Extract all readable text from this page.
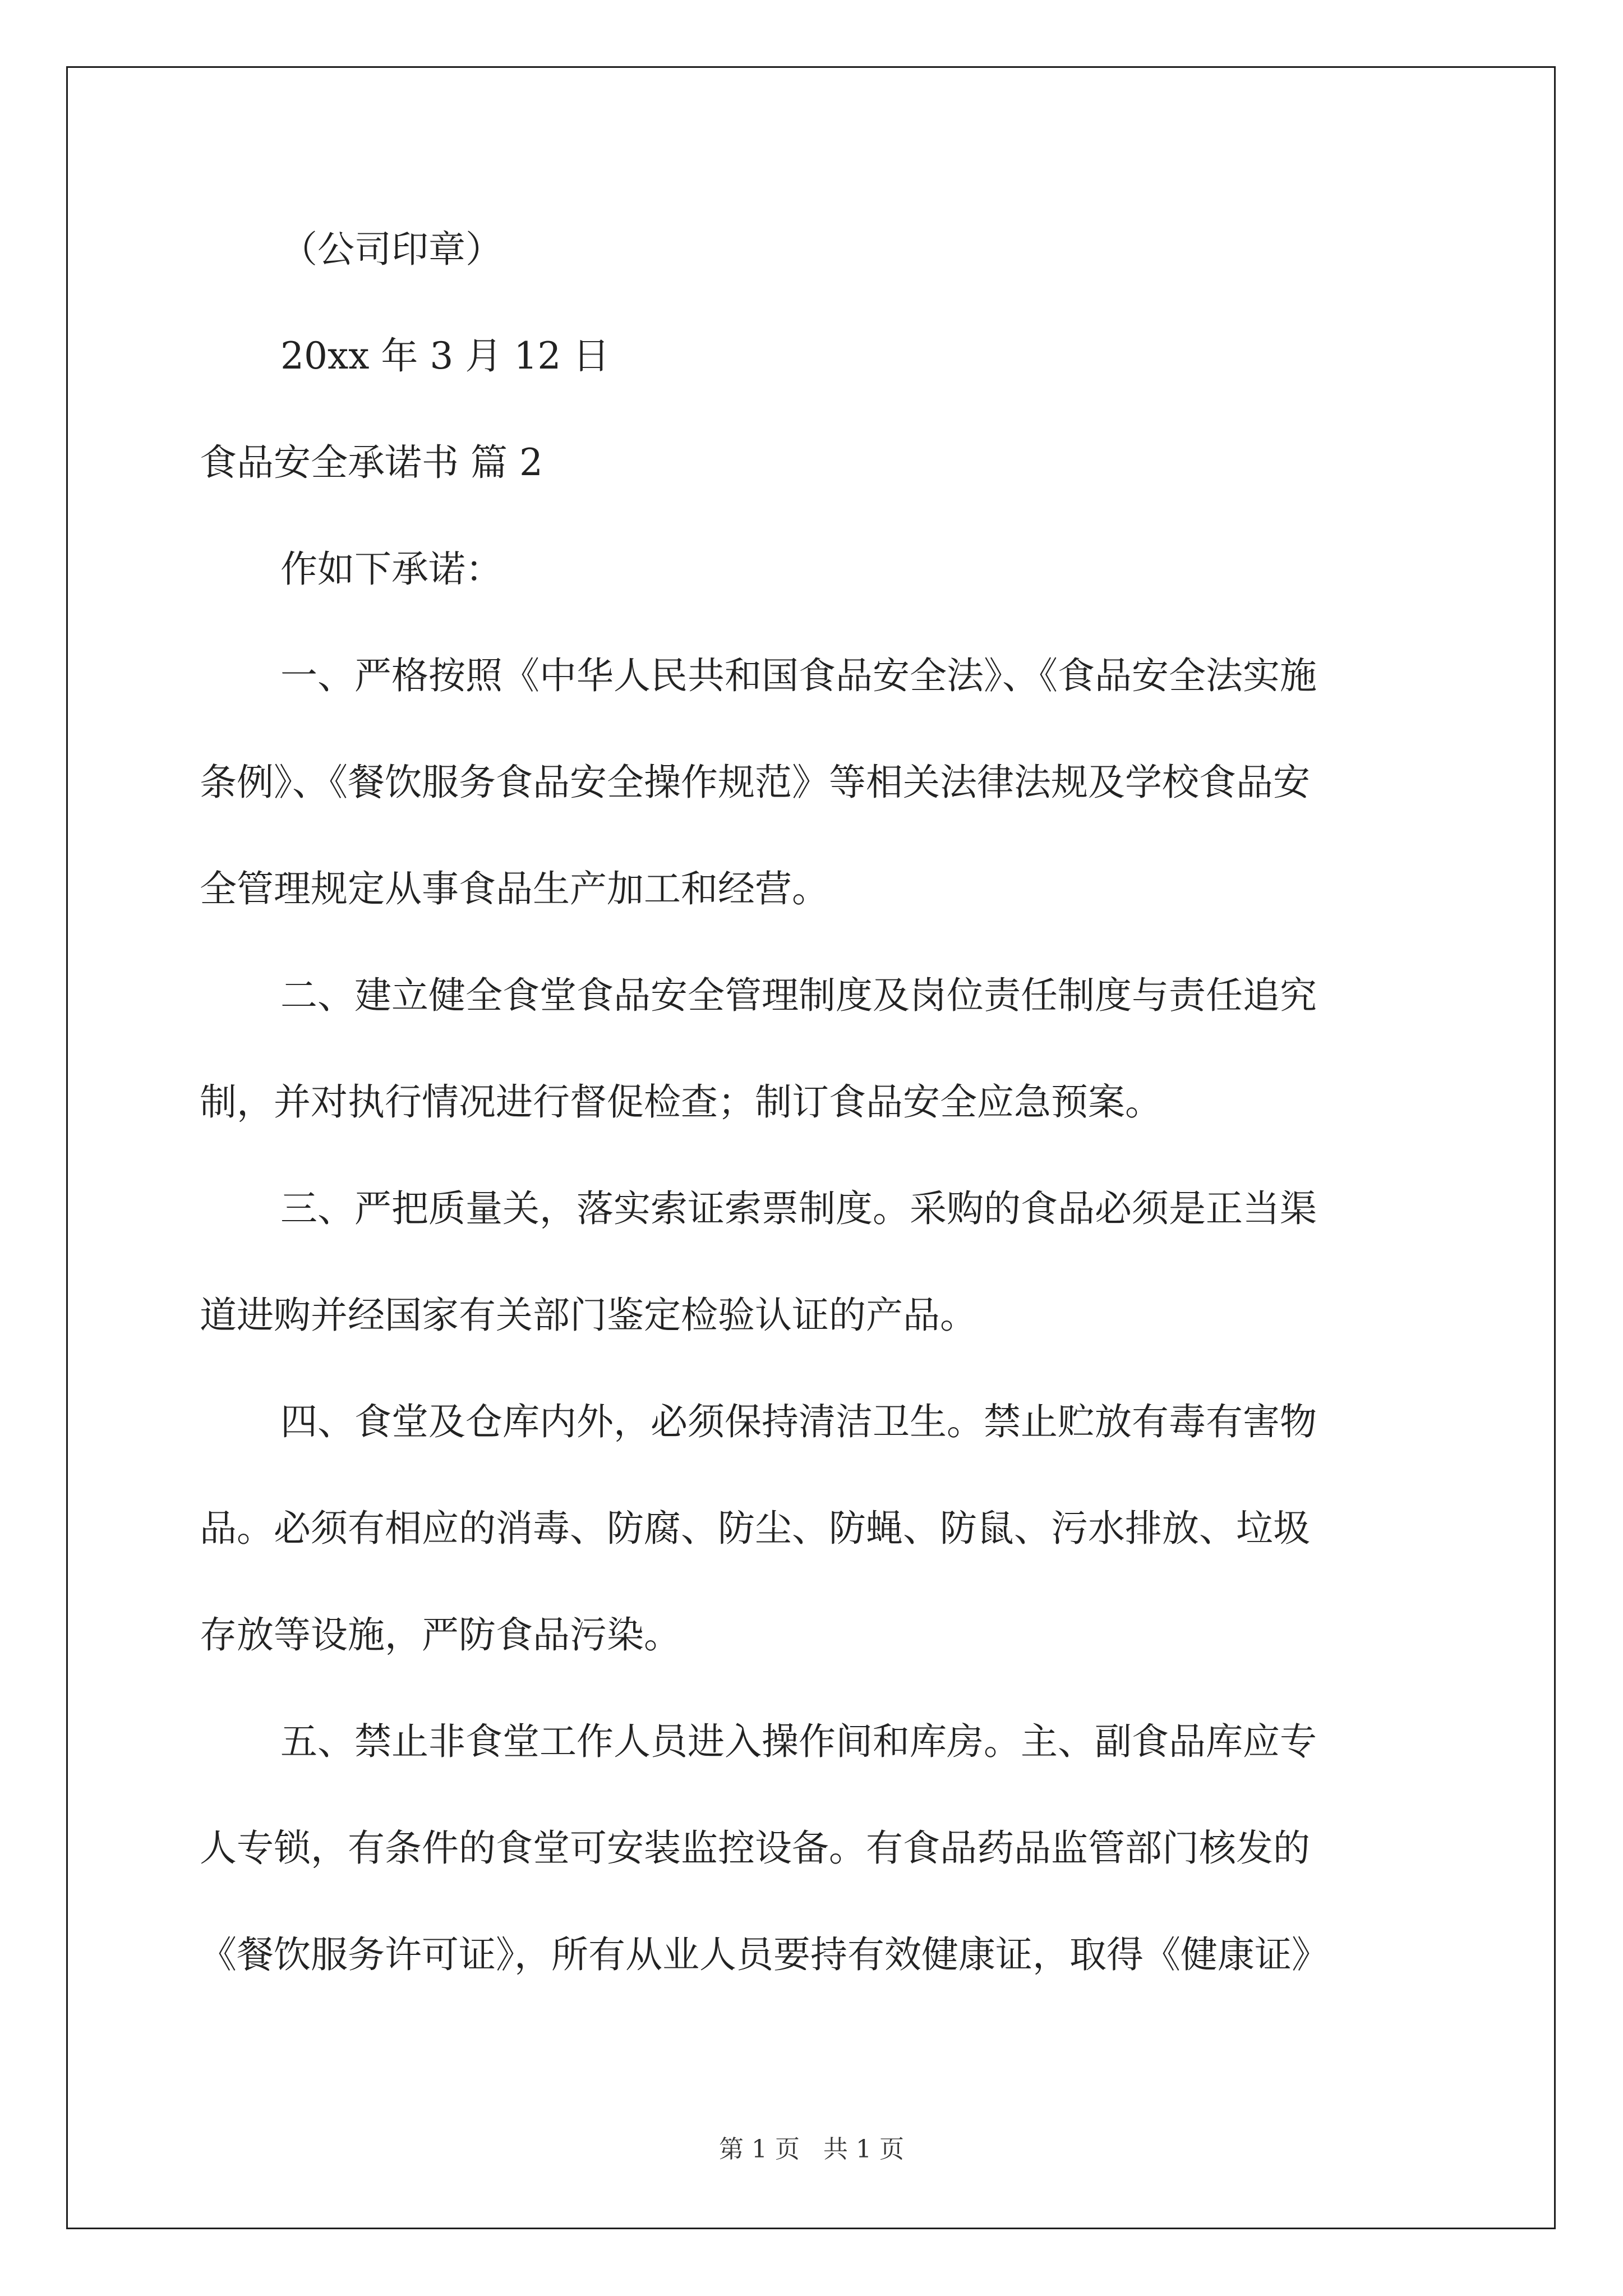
（公司印章）

20xx 年 3 月 12 日

食品安全承诺书 篇 2

作如下承诺：

一、严格按照《中华人民共和国食品安全法》、《食品安全法实施

条例》、《餐饮服务食品安全操作规范》等相关法律法规及学校食品安

全管理规定从事食品生产加工和经营。

二、建立健全食堂食品安全管理制度及岗位责任制度与责任追究

制，并对执行情况进行督促检查；制订食品安全应急预案。

三、严把质量关，落实索证索票制度。采购的食品必须是正当渠

道进购并经国家有关部门鉴定检验认证的产品。

四、食堂及仓库内外，必须保持清洁卫生。禁止贮放有毒有害物

品。必须有相应的消毒、防腐、防尘、防蝇、防鼠、污水排放、垃圾

存放等设施，严防食品污染。

五、禁止非食堂工作人员进入操作间和库房。主、副食品库应专

人专锁，有条件的食堂可安装监控设备。有食品药品监管部门核发的

《餐饮服务许可证》，所有从业人员要持有效健康证，取得《健康证》

第 1 页   共 1 页
